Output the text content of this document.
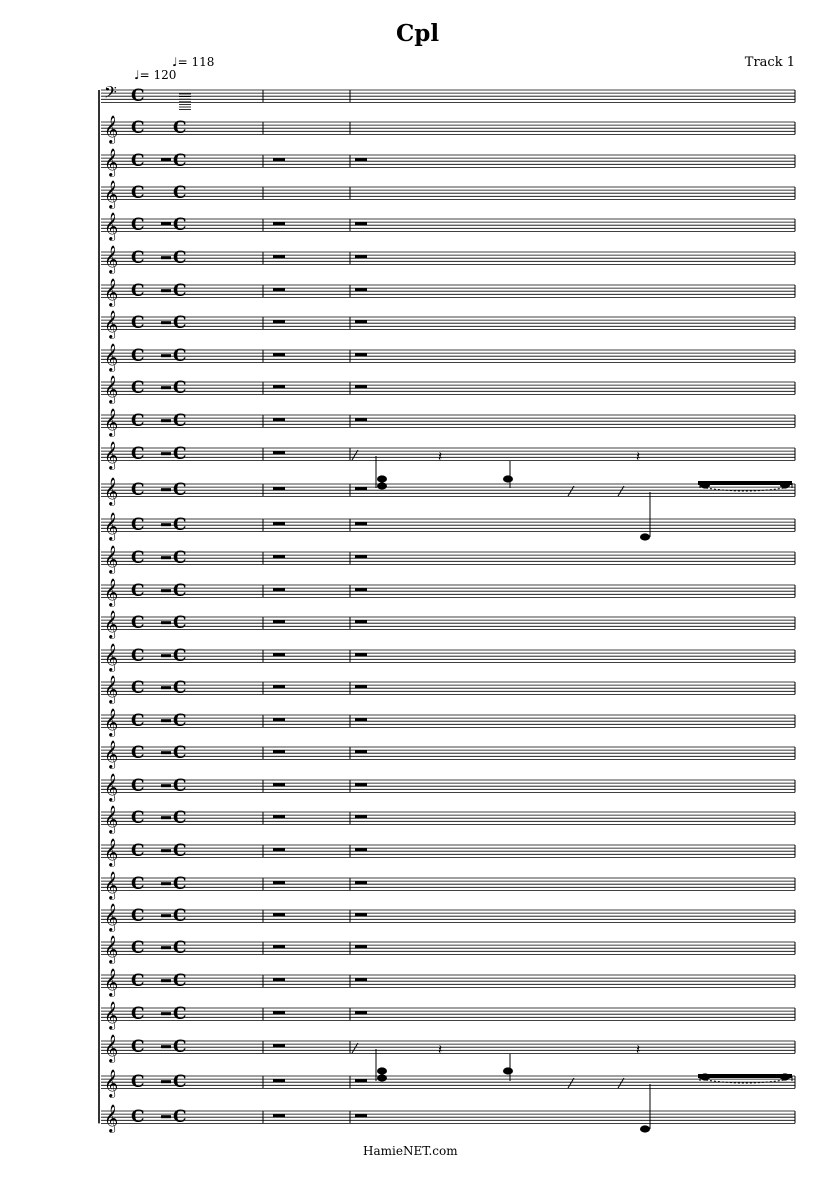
Cpl
Track 1
♩= 120
♩= 118
𝄢 C
𝄞 C C
𝄞 C C
𝄞 C C
𝄞 C C
𝄞 C C
𝄞 C C
𝄞 C C
𝄞 C C
𝄞 C C
𝄞 C C
𝄞 C C	𝄽	𝄽
𝄞 C C
𝄞 C C
𝄞 C C
𝄞 C C
𝄞 C C
𝄞 C C
𝄞 C C
𝄞 C C
𝄞 C C
𝄞 C C
𝄞 C C
𝄞 C C
𝄞 C C
𝄞 C C
𝄞 C C
𝄞 C C
𝄞 C C
𝄞 C C	𝄽	𝄽
𝄞 C C
𝄞 C C
HamieNET.com
